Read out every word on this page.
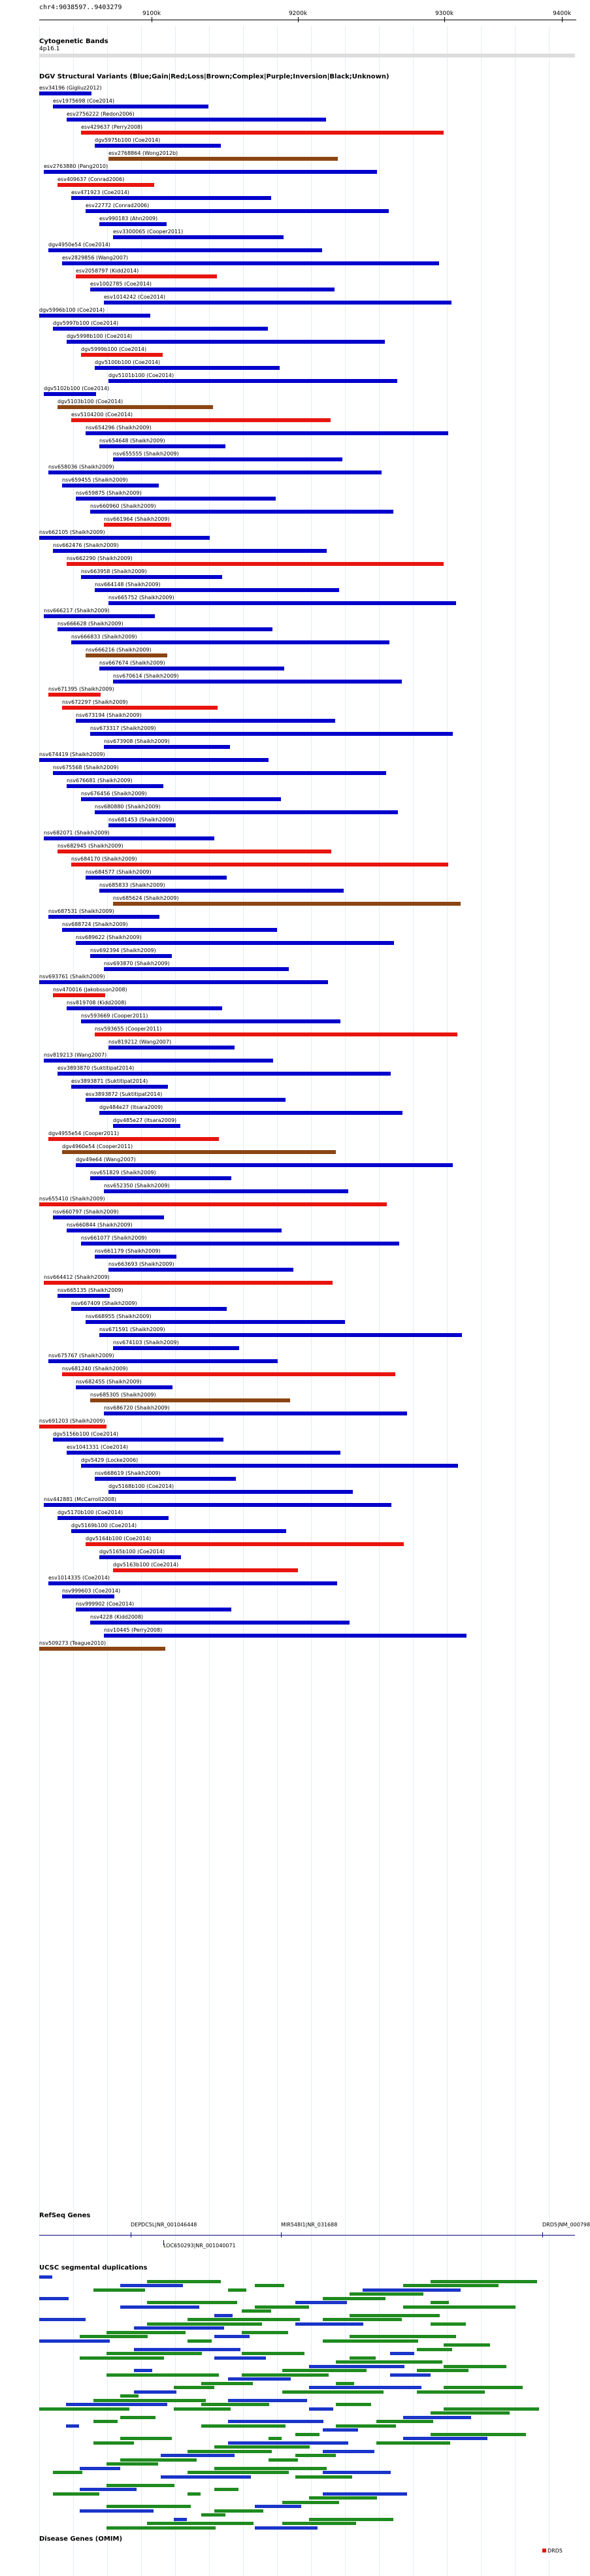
chr4:9038597..9403279
9100k	9200k	9300k	9400k
Cytogenetic Bands
4p16.1
DGV Structural Variants (Blue;Gain|Red;Loss|Brown;Complex|Purple;Inversion|Black;Unknown)
esv34196 (Gigliuz2012)
esv1975698 (Coe2014)
esv2756222 (Redon2006)
esv429637 (Perry2008)
dgv5975b100 (Coe2014)
esv2768864 (Wong2012b)
esv2763880 (Pang2010)
esv409637 (Conrad2006)
esv471923 (Coe2014)
esv22772 (Conrad2006)
esv990183 (Ahn2009)
esv3300065 (Cooper2011)
dgv4950e54 (Coe2014)
esv2829856 (Wang2007)
esv2058797 (Kidd2014)
esv1002785 (Coe2014)
esv1014242 (Coe2014)
dgv5996b100 (Coe2014)
dgv5997b100 (Coe2014)
dgv5998b100 (Coe2014)
dgv5999b100 (Coe2014)
dgv5100b100 (Coe2014)
dgv5101b100 (Coe2014)
dgv5102b100 (Coe2014)
dgv5103b100 (Coe2014)
esv5104200 (Coe2014)
nsv654296 (Shaikh2009)
nsv654648 (Shaikh2009)
nsv655555 (Shaikh2009)
nsv658036 (Shaikh2009)
nsv659455 (Shaikh2009)
nsv659875 (Shaikh2009)
nsv660960 (Shaikh2009)
nsv661964 (Shaikh2009)
nsv662105 (Shaikh2009)
nsv662476 (Shaikh2009)
nsv662290 (Shaikh2009)
nsv663958 (Shaikh2009)
nsv664148 (Shaikh2009)
nsv665752 (Shaikh2009)
nsv666217 (Shaikh2009)
nsv666628 (Shaikh2009)
nsv666833 (Shaikh2009)
nsv666216 (Shaikh2009)
nsv667674 (Shaikh2009)
nsv670614 (Shaikh2009)
nsv671395 (Shaikh2009)
nsv672297 (Shaikh2009)
nsv673194 (Shaikh2009)
nsv673317 (Shaikh2009)
nsv673908 (Shaikh2009)
nsv674419 (Shaikh2009)
nsv675568 (Shaikh2009)
nsv676681 (Shaikh2009)
nsv676456 (Shaikh2009)
nsv680880 (Shaikh2009)
nsv681453 (Shaikh2009)
nsv682071 (Shaikh2009)
nsv682945 (Shaikh2009)
nsv684170 (Shaikh2009)
nsv684577 (Shaikh2009)
nsv685833 (Shaikh2009)
nsv685624 (Shaikh2009)
nsv687531 (Shaikh2009)
nsv688724 (Shaikh2009)
nsv689622 (Shaikh2009)
nsv692394 (Shaikh2009)
nsv693870 (Shaikh2009)
nsv693761 (Shaikh2009)
nsv470016 (Jakobsson2008)
nsv819708 (Kidd2008)
nsv593669 (Cooper2011)
nsv593655 (Cooper2011)
nsv819212 (Wang2007)
nsv819213 (Wang2007)
esv3893870 (Suktitipat2014)
esv3893871 (Suktitipat2014)
esv3893872 (Suktitipat2014)
dgv484e27 (Itsara2009)
dgv485e27 (Itsara2009)
dgv4955e54 (Cooper2011)
dgv4960e54 (Cooper2011)
dgv49e64 (Wang2007)
nsv651829 (Shaikh2009)
nsv652350 (Shaikh2009)
nsv655410 (Shaikh2009)
nsv660797 (Shaikh2009)
nsv660844 (Shaikh2009)
nsv661077 (Shaikh2009)
nsv661179 (Shaikh2009)
nsv663693 (Shaikh2009)
nsv664412 (Shaikh2009)
nsv665135 (Shaikh2009)
nsv667409 (Shaikh2009)
nsv668955 (Shaikh2009)
nsv671591 (Shaikh2009)
nsv674103 (Shaikh2009)
nsv675767 (Shaikh2009)
nsv681240 (Shaikh2009)
nsv682455 (Shaikh2009)
nsv685305 (Shaikh2009)
nsv686720 (Shaikh2009)
nsv691203 (Shaikh2009)
dgv5156b100 (Coe2014)
esv1041331 (Coe2014)
dgv5429 (Locke2006)
nsv668619 (Shaikh2009)
dgv5168b100 (Coe2014)
nsv442881 (McCarroll2008)
dgv5170b100 (Coe2014)
dgv5169b100 (Coe2014)
dgv5164b100 (Coe2014)
dgv5165b100 (Coe2014)
dgv5163b100 (Coe2014)
esv1014335 (Coe2014)
nsv999603 (Coe2014)
nsv999902 (Coe2014)
nsv4228 (Kidd2008)
nsv10445 (Perry2008)
nsv509273 (Teague2010)
RefSeq Genes
DEPDC5L|NR_001046448
LOC650293|NR_001040071
MIR548I1|NR_031688	DRD5|NM_000798
UCSC segmental duplications
Disease Genes (OMIM)
DRD5
